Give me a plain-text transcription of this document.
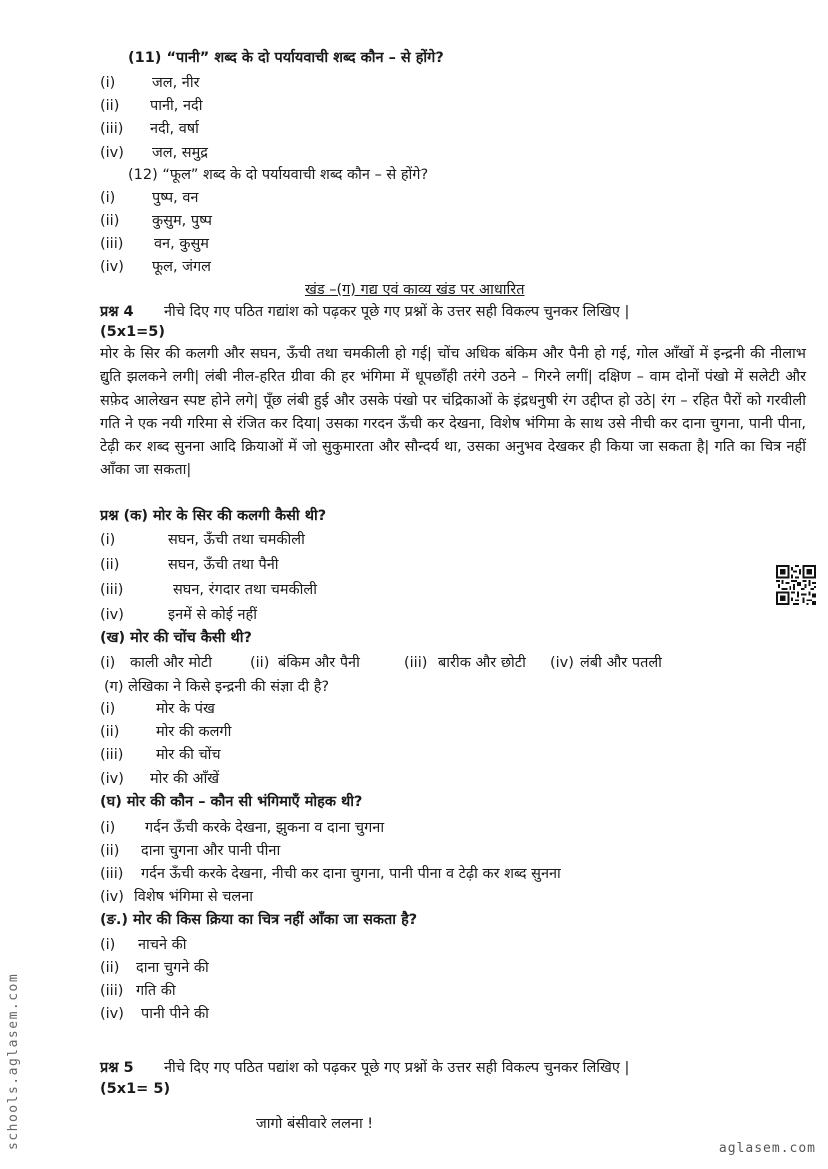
(11) “पानी” शब्द के दो पर्यायवाची शब्द कौन – से होंगे?
(i)	जल, नीर
(ii) पानी, नदी
(iii) नदी, वर्षा
(iv) जल, समुद्र
(12) “फूल” शब्द के दो पर्यायवाची शब्द कौन – से होंगे?
(i)	पुष्प, वन
(ii) कुसुम, पुष्प
(iii) वन, कुसुम
(iv) फूल, जंगल
खंड –(ग) गद्य एवं काव्य खंड पर आधारित
प्रश्न 4 नीचे दिए गए पठित गद्यांश को पढ़कर पूछे गए प्रश्नों के उत्तर सही विकल्प चुनकर लिखिए |
(5x1=5)

मोर के सिर की कलगी और सघन, ऊँची तथा चमकीली हो गई| चोंच अधिक बंकिम और पैनी हो गई, गोल आँखों में इन्द्रनी की नीलाभ द्युति झलकने लगी| लंबी नील-हरित ग्रीवा की हर भंगिमा में धूपछाँही तरंगे उठने – गिरने लगीं| दक्षिण – वाम दोनों पंखो में सलेटी और सफ़ेद आलेखन स्पष्ट होने लगे| पूँछ लंबी हुई और उसके पंखो पर चंद्रिकाओं के इंद्रधनुषी रंग उद्दीप्त हो उठे| रंग – रहित पैरों को गरवीली गति ने एक नयी गरिमा से रंजित कर दिया| उसका गरदन ऊँची कर देखना, विशेष भंगिमा के साथ उसे नीची कर दाना चुगना, पानी पीना, टेढ़ी कर शब्द सुनना आदि क्रियाओं में जो सुकुमारता और सौन्दर्य था, उसका अनुभव देखकर ही किया जा सकता है| गति का चित्र नहीं आँका जा सकता|

प्रश्न (क) मोर के सिर की कलगी कैसी थी?
(i)	सघन, ऊँची तथा चमकीली
(ii)	सघन, ऊँची तथा पैनी
(iii)	सघन, रंगदार तथा चमकीली
(iv)	इनमें से कोई नहीं
(ख) मोर की चोंच कैसी थी?
(i) काली और मोटी	(ii) बंकिम और पैनी	(iii) बारीक और छोटी (iv) लंबी और पतली
(ग) लेखिका ने किसे इन्द्रनी की संज्ञा दी है?
(i)	मोर के पंख
(ii)	मोर की कलगी
(iii) मोर की चोंच
(iv) मोर की आँखें
(घ) मोर की कौन – कौन सी भंगिमाएँ मोहक थी?
(i) गर्दन ऊँची करके देखना, झुकना व दाना चुगना
(ii) दाना चुगना और पानी पीना
(iii) गर्दन ऊँची करके देखना, नीची कर दाना चुगना, पानी पीना व टेढ़ी कर शब्द सुनना
(iv) विशेष भंगिमा से चलना
(ङ.) मोर की किस क्रिया का चित्र नहीं आँका जा सकता है?
(i) नाचने की
(ii) दाना चुगने की
(iii) गति की
(iv) पानी पीने की
प्रश्न 5 नीचे दिए गए पठित पद्यांश को पढ़कर पूछे गए प्रश्नों के उत्तर सही विकल्प चुनकर लिखिए |
(5x1= 5)
जागो बंसीवारे ललना !
schools.aglasem.com	aglasem.com
